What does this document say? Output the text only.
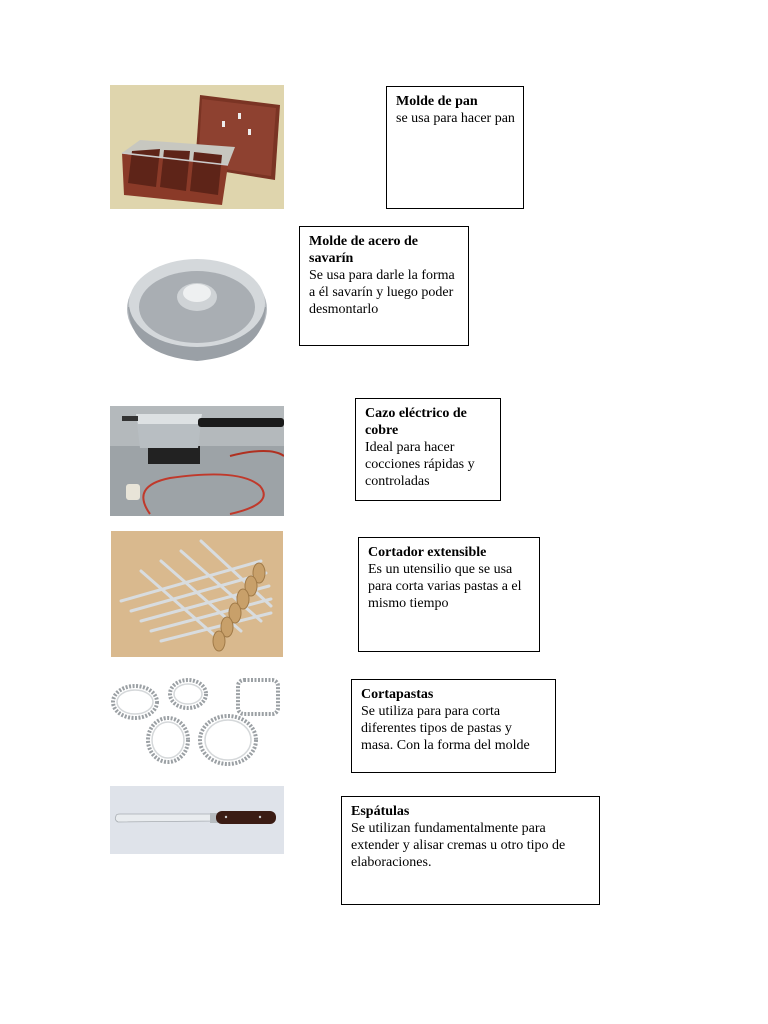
Molde de pan
se usa para hacer pan
Molde de acero de savarín
Se usa para darle la forma a él savarín y luego poder desmontarlo
Cazo eléctrico de cobre
Ideal para hacer cocciones rápidas y controladas
Cortador extensible
Es un utensilio que se usa para corta varias pastas a el mismo tiempo
Cortapastas
Se utiliza para para corta diferentes tipos de pastas y masa. Con la forma del molde
Espátulas
Se utilizan fundamentalmente para extender y alisar cremas u otro tipo de elaboraciones.
